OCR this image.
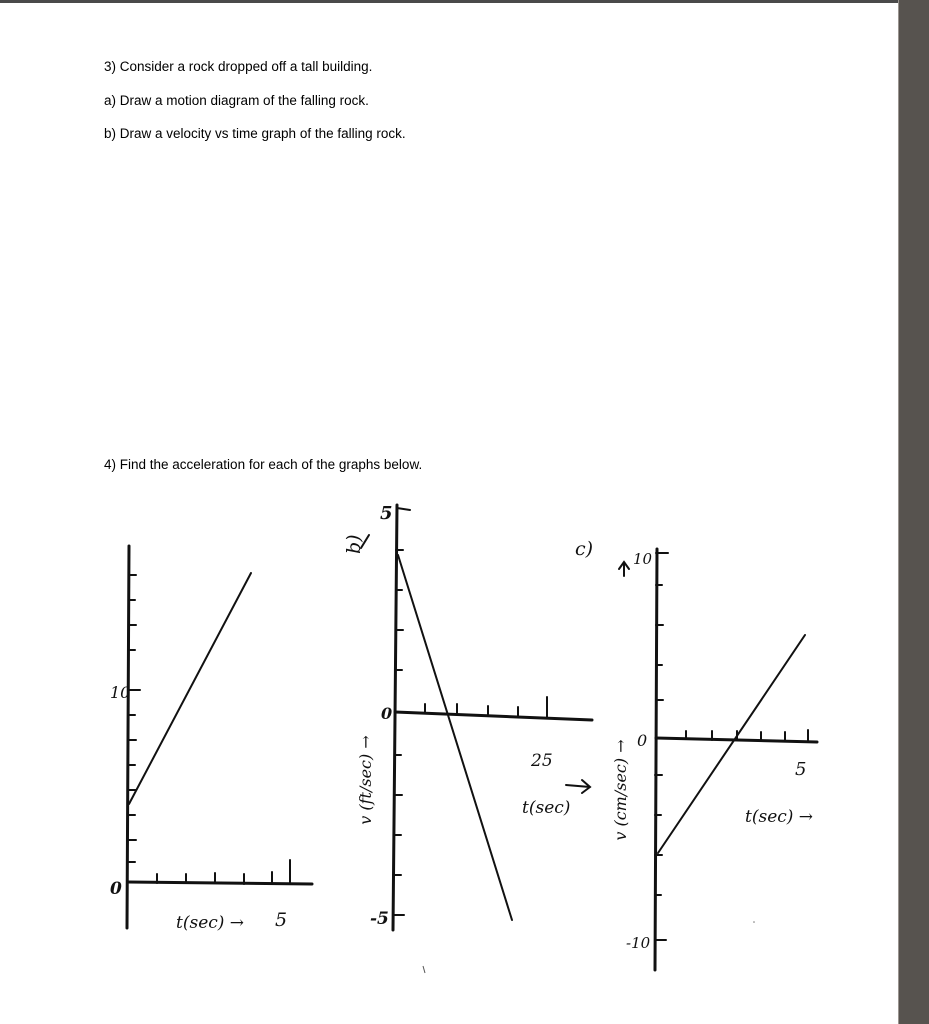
3) Consider a rock dropped off a tall building.
a) Draw a motion diagram of the falling rock.
b) Draw a velocity vs time graph of the falling rock.
4) Find the acceleration for each of the graphs below.
10
0
t(sec) → 5
b)
5
-5
0
v (ft/sec) →	25
t(sec)
c)	10
-10
0
v (cm/sec) →	5
t(sec) →
